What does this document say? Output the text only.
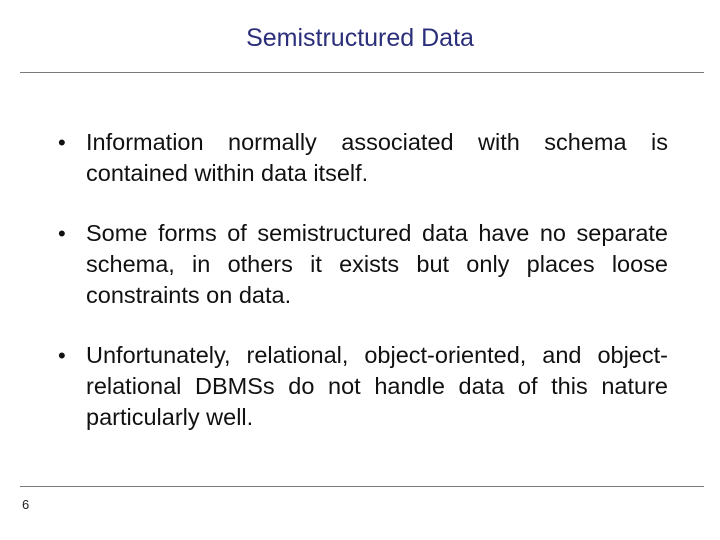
Semistructured Data
• Information normally associated with schema is contained within data itself.
• Some forms of semistructured data have no separate schema, in others it exists but only places loose constraints on data.
• Unfortunately, relational, object-oriented, and object-relational DBMSs do not handle data of this nature particularly well.
6
